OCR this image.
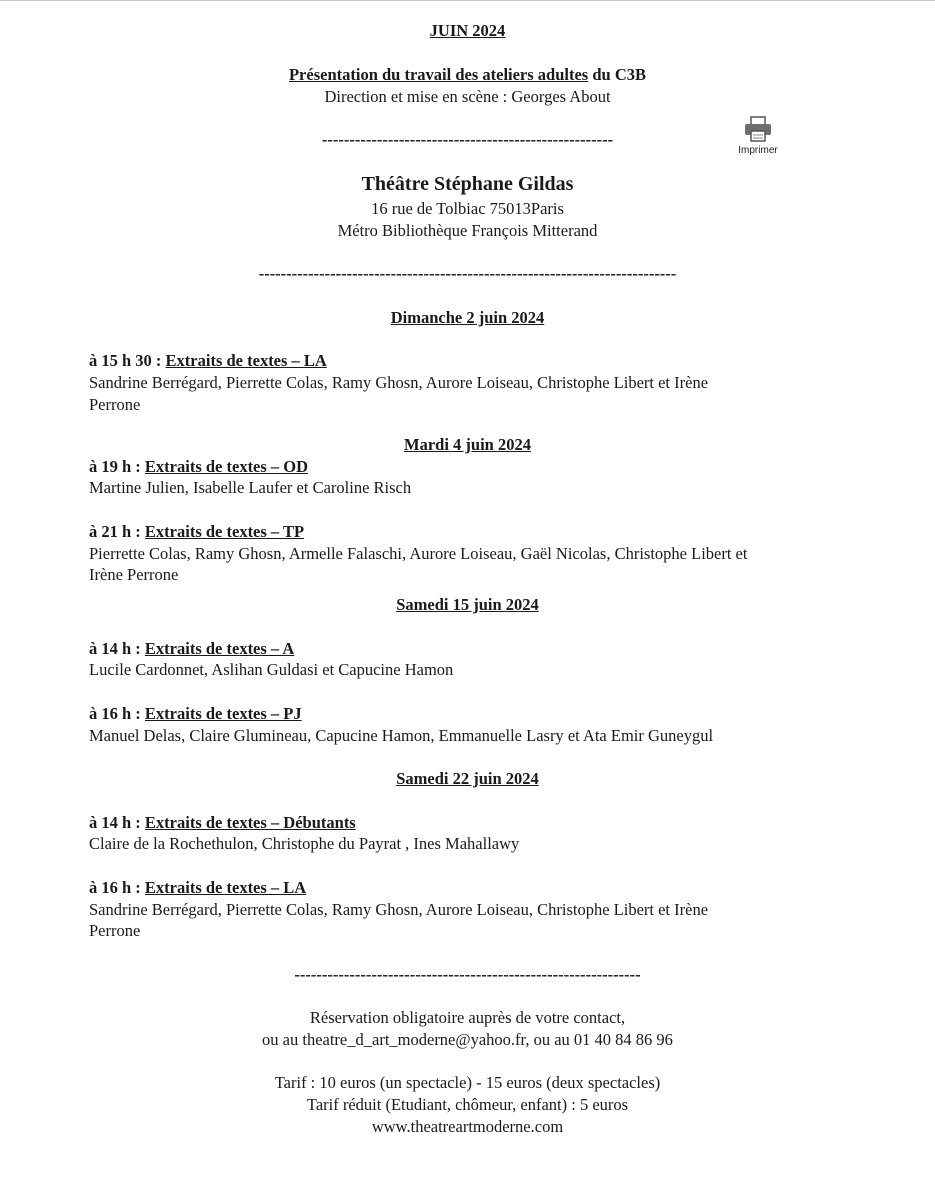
JUIN 2024
Présentation du travail des ateliers adultes du C3B
Direction et mise en scène : Georges About
-----------------------------------------------------
Imprimer
Théâtre Stéphane Gildas
16 rue de Tolbiac 75013Paris
Métro Bibliothèque François Mitterand
----------------------------------------------------------------------------
Dimanche 2 juin 2024
à 15 h 30 : Extraits de textes – LA
Sandrine Berrégard, Pierrette Colas, Ramy Ghosn, Aurore Loiseau, Christophe Libert et Irène
Perrone
Mardi 4 juin 2024
à 19 h : Extraits de textes – OD
Martine Julien, Isabelle Laufer et Caroline Risch
à 21 h : Extraits de textes – TP
Pierrette Colas, Ramy Ghosn, Armelle Falaschi, Aurore Loiseau, Gaël Nicolas, Christophe Libert et
Irène Perrone
Samedi 15 juin 2024
à 14 h : Extraits de textes – A
Lucile Cardonnet, Aslihan Guldasi et Capucine Hamon
à 16 h : Extraits de textes – PJ
Manuel Delas, Claire Glumineau, Capucine Hamon, Emmanuelle Lasry et Ata Emir Guneygul
Samedi 22 juin 2024
à 14 h : Extraits de textes – Débutants
Claire de la Rochethulon, Christophe du Payrat , Ines Mahallawy
à 16 h : Extraits de textes – LA
Sandrine Berrégard, Pierrette Colas, Ramy Ghosn, Aurore Loiseau, Christophe Libert et Irène
Perrone
---------------------------------------------------------------
Réservation obligatoire auprès de votre contact,
ou au theatre_d_art_moderne@yahoo.fr, ou au 01 40 84 86 96
Tarif : 10 euros (un spectacle) - 15 euros (deux spectacles)
Tarif réduit (Etudiant, chômeur, enfant) : 5 euros
www.theatreartmoderne.com
